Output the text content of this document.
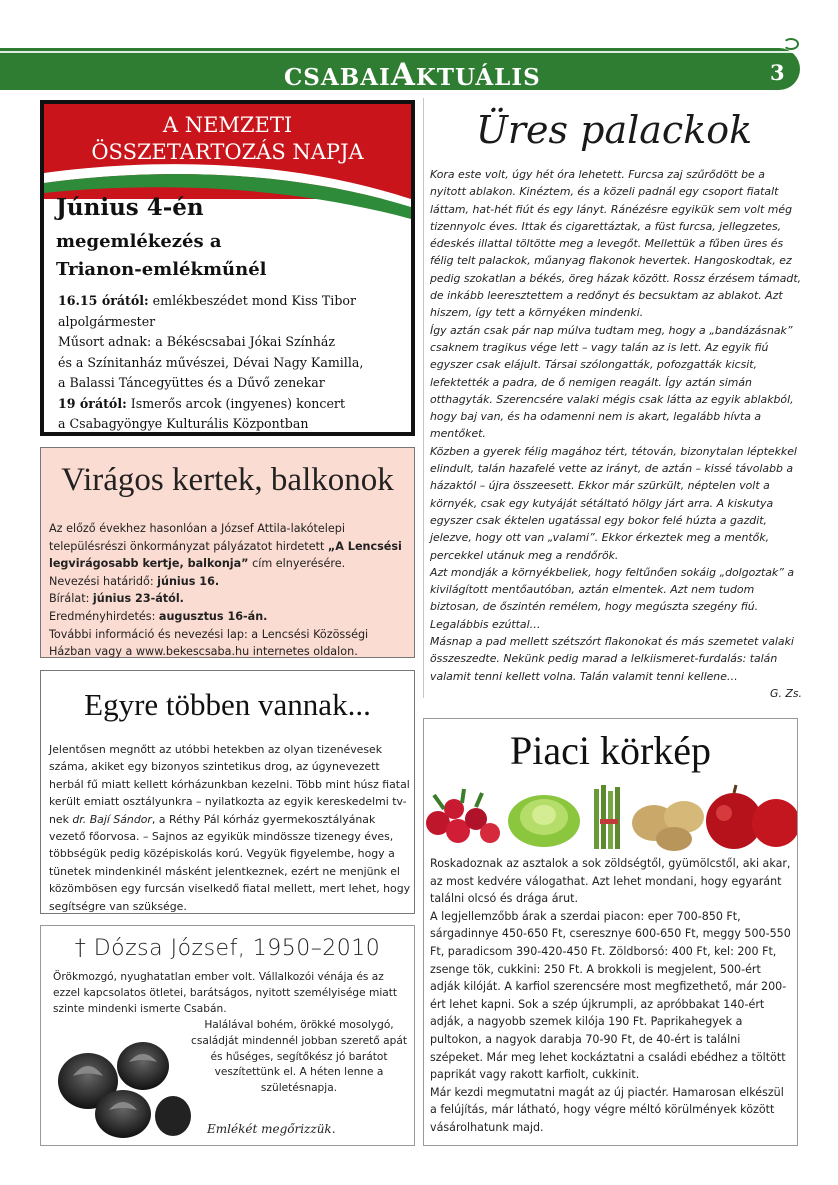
CSABAIAKTUÁLIS	3
A NEMZETI
ÖSSZETARTOZÁS NAPJA
Június 4-én
megemlékezés a
Trianon-emlékműnél
16.15 órától: emlékbeszédet mond Kiss Tibor
alpolgármester
Műsort adnak: a Békéscsabai Jókai Színház
és a Színitanház művészei, Dévai Nagy Kamilla,
a Balassi Táncegyüttes és a Dűvő zenekar
19 órától: Ismerős arcok (ingyenes) koncert
a Csabagyöngye Kulturális Központban
Virágos kertek, balkonok
Az előző évekhez hasonlóan a József Attila-lakótelepi településrészi önkormányzat pályázatot hirdetett „A Lencsési legvirágosabb kertje, balkonja” cím elnyerésére.
Nevezési határidő: június 16.
Bírálat: június 23-ától.
Eredményhirdetés: augusztus 16-án.
További információ és nevezési lap: a Lencsési Közösségi Házban vagy a www.bekescsaba.hu internetes oldalon.
Egyre többen vannak...
Jelentősen megnőtt az utóbbi hetekben az olyan tizenévesek száma, akiket egy bizonyos szintetikus drog, az úgynevezett herbál fű miatt kellett kórházunkban kezelni. Több mint húsz fiatal került emiatt osztályunkra – nyilatkozta az egyik kereskedelmi tv-nek dr. Bají Sándor, a Réthy Pál kórház gyermekosztályának vezető főorvosa. – Sajnos az egyikük mindössze tizenegy éves, többségük pedig középiskolás korú. Vegyük figyelembe, hogy a tünetek mindenkinél másként jelentkeznek, ezért ne menjünk el közömbösen egy furcsán viselkedő fiatal mellett, mert lehet, hogy segítségre van szüksége.
† Dózsa József, 1950–2010
Örökmozgó, nyughatatlan ember volt. Vállalkozói vénája és az ezzel kapcsolatos ötletei, barátságos, nyitott személyisége miatt szinte mindenki ismerte Csabán.
Halálával bohém, örökké mosolygó, családját mindennél jobban szerető apát és hűséges, segítőkész jó barátot veszítettünk el. A héten lenne a születésnapja.
Emlékét megőrizzük.
Üres palackok
Kora este volt, úgy hét óra lehetett. Furcsa zaj szűrődött be a nyitott ablakon. Kinéztem, és a közeli padnál egy csoport fiatalt láttam, hat-hét fiút és egy lányt. Ránézésre egyikük sem volt még tizennyolc éves. Ittak és cigarettáztak, a füst furcsa, jellegzetes, édeskés illattal töltötte meg a levegőt. Mellettük a fűben üres és félig telt palackok, műanyag flakonok hevertek. Hangoskodtak, ez pedig szokatlan a békés, öreg házak között. Rossz érzésem támadt, de inkább leeresztettem a redőnyt és becsuktam az ablakot. Azt hiszem, így tett a környéken mindenki.
Így aztán csak pár nap múlva tudtam meg, hogy a „bandázásnak” csaknem tragikus vége lett – vagy talán az is lett. Az egyik fiú egyszer csak elájult. Társai szólongatták, pofozgatták kicsit, lefektették a padra, de ő nemigen reagált. Így aztán simán otthagyták. Szerencsére valaki mégis csak látta az egyik ablakból, hogy baj van, és ha odamenni nem is akart, legalább hívta a mentőket.
Közben a gyerek félig magához tért, tétován, bizonytalan léptekkel elindult, talán hazafelé vette az irányt, de aztán – kissé távolabb a házaktól – újra összeesett. Ekkor már szürkült, néptelen volt a környék, csak egy kutyáját sétáltató hölgy járt arra. A kiskutya egyszer csak éktelen ugatással egy bokor felé húzta a gazdit, jelezve, hogy ott van „valami”. Ekkor érkeztek meg a mentők, percekkel utánuk meg a rendőrök.
Azt mondják a környékbeliek, hogy feltűnően sokáig „dolgoztak” a kivilágított mentőautóban, aztán elmentek. Azt nem tudom biztosan, de őszintén remélem, hogy megúszta szegény fiú. Legalábbis ezúttal…
Másnap a pad mellett szétszórt flakonokat és más szemetet valaki összeszedte. Nekünk pedig marad a lelkiismeret-furdalás: talán valamit tenni kellett volna. Talán valamit tenni kellene…
G. Zs.
Piaci körkép
Roskadoznak az asztalok a sok zöldségtől, gyümölcstől, aki akar, az most kedvére válogathat. Azt lehet mondani, hogy egyaránt találni olcsó és drága árut.
A legjellemzőbb árak a szerdai piacon: eper 700-850 Ft, sárgadinnye 450-650 Ft, cseresznye 600-650 Ft, meggy 500-550 Ft, paradicsom 390-420-450 Ft. Zöldborsó: 400 Ft, kel: 200 Ft, zsenge tök, cukkini: 250 Ft. A brokkoli is megjelent, 500-ért adják kilóját. A karfiol szerencsére most megfizethető, már 200-ért lehet kapni. Sok a szép újkrumpli, az apróbbakat 140-ért adják, a nagyobb szemek kilója 190 Ft. Paprikahegyek a pultokon, a nagyok darabja 70-90 Ft, de 40-ért is találni szépeket. Már meg lehet kockáztatni a családi ebédhez a töltött paprikát vagy rakott karfiolt, cukkinit.
Már kezdi megmutatni magát az új piactér. Hamarosan elkészül a felújítás, már látható, hogy végre méltó körülmények között vásárolhatunk majd.
